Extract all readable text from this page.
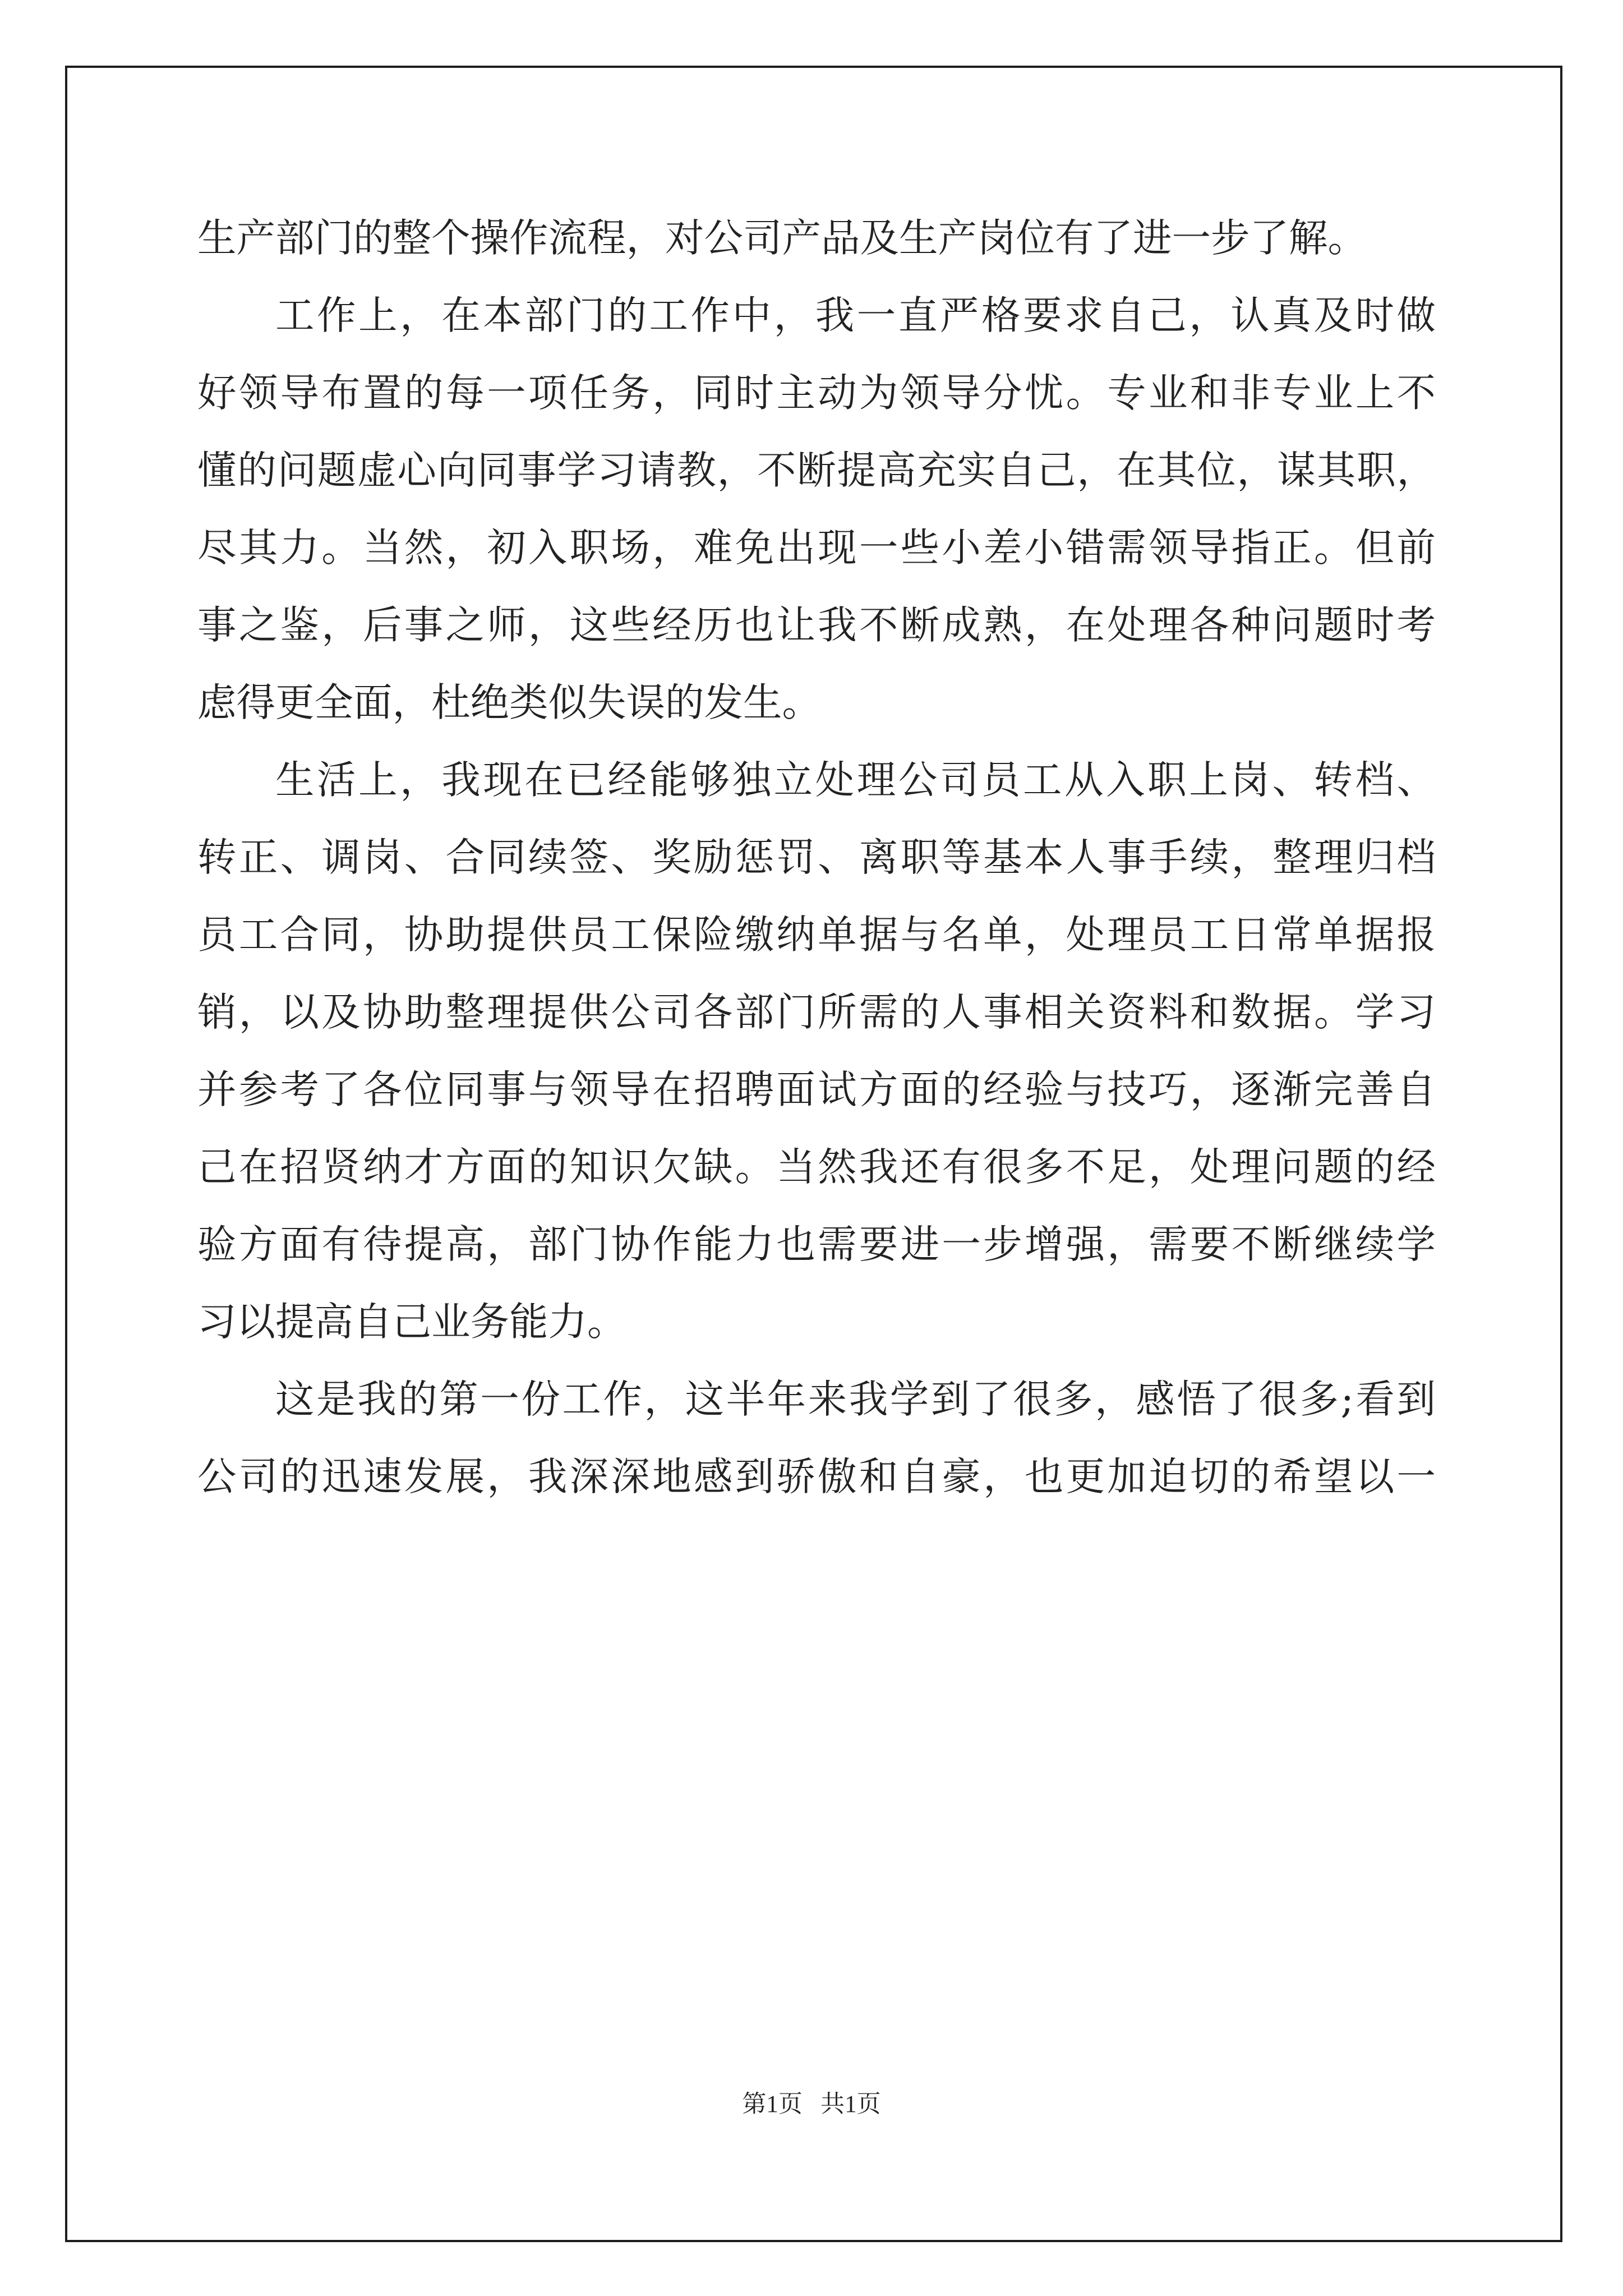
生产部门的整个操作流程，对公司产品及生产岗位有了进一步了解。
工作上，在本部门的工作中，我一直严格要求自己，认真及时做
好领导布置的每一项任务，同时主动为领导分忧。专业和非专业上不
懂的问题虚心向同事学习请教，不断提高充实自己，在其位，谋其职，
尽其力。当然，初入职场，难免出现一些小差小错需领导指正。但前
事之鉴，后事之师，这些经历也让我不断成熟，在处理各种问题时考
虑得更全面，杜绝类似失误的发生。
生活上，我现在已经能够独立处理公司员工从入职上岗、转档、
转正、调岗、合同续签、奖励惩罚、离职等基本人事手续，整理归档
员工合同，协助提供员工保险缴纳单据与名单，处理员工日常单据报
销，以及协助整理提供公司各部门所需的人事相关资料和数据。学习
并参考了各位同事与领导在招聘面试方面的经验与技巧，逐渐完善自
己在招贤纳才方面的知识欠缺。当然我还有很多不足，处理问题的经
验方面有待提高，部门协作能力也需要进一步增强，需要不断继续学
习以提高自己业务能力。
这是我的第一份工作，这半年来我学到了很多，感悟了很多;看到
公司的迅速发展，我深深地感到骄傲和自豪，也更加迫切的希望以一
第1页   共1页
